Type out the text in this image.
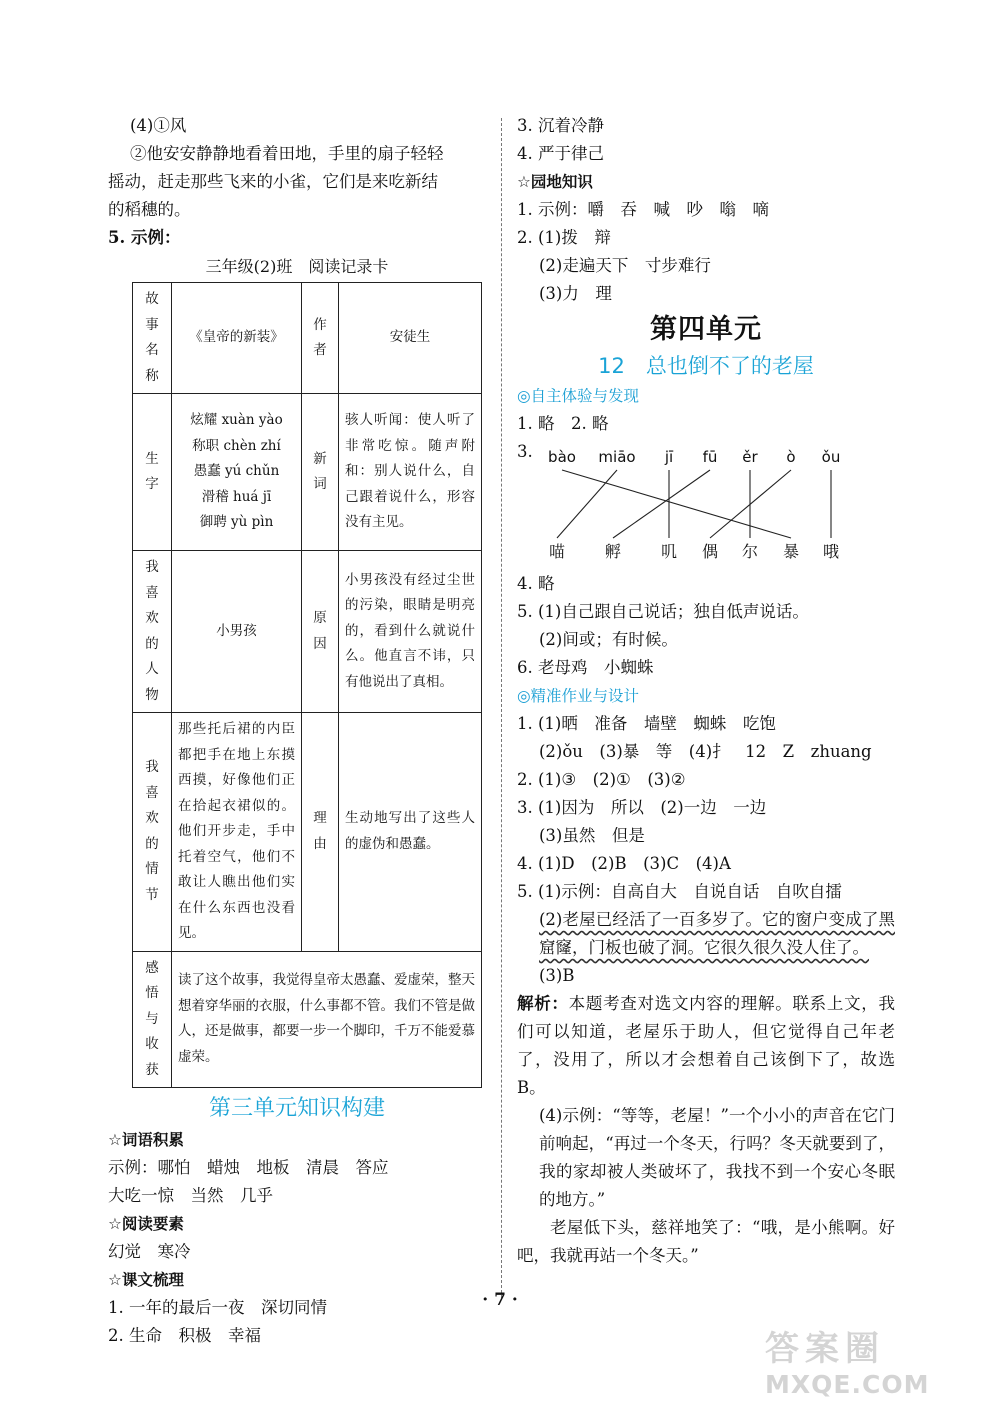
(4)①风
②他安安静静地看着田地，手里的扇子轻轻
摇动，赶走那些飞来的小雀，它们是来吃新结
的稻穗的。
5. 示例：
三年级(2)班　阅读记录卡
故事名称	《皇帝的新装》	作者	安徒生
生字	炫耀 xuàn yào
称职 chèn zhí
愚蠢 yú chǔn
滑稽 huá jī
御聘 yù pìn	新词	骇人听闻：使人听了非常吃惊。随声附和：别人说什么，自己跟着说什么，形容没有主见。
我喜欢的人物	小男孩	原因	小男孩没有经过尘世的污染，眼睛是明亮的，看到什么就说什么。他直言不讳，只有他说出了真相。
我喜欢的情节	那些托后裙的内臣都把手在地上东摸西摸，好像他们正在拾起衣裙似的。他们开步走，手中托着空气，他们不敢让人瞧出他们实在什么东西也没看见。	理由	生动地写出了这些人的虚伪和愚蠢。
感悟与收获	读了这个故事，我觉得皇帝太愚蠢、爱虚荣，整天想着穿华丽的衣服，什么事都不管。我们不管是做人，还是做事，都要一步一个脚印，千万不能爱慕虚荣。		
第三单元知识构建
☆词语积累
示例：哪怕　蜡烛　地板　清晨　答应
大吃一惊　当然　几乎
☆阅读要素
幻觉　寒冷
☆课文梳理
1. 一年的最后一夜　深切同情
2. 生命　积极　幸福
3. 沉着冷静
4. 严于律己
☆园地知识
1. 示例：嚼　吞　喊　吵　嗡　嘀
2. (1)拨　辩
(2)走遍天下　寸步难行
(3)力　理
第四单元
12　总也倒不了的老屋
◎自主体验与发现
1. 略　2. 略
3. bào miāo jī fū ěr ò ǒu
喵 孵 叽 偶 尔 暴 哦
4. 略
5. (1)自己跟自己说话；独自低声说话。
(2)间或；有时候。
6. 老母鸡　小蜘蛛
◎精准作业与设计
1. (1)晒　准备　墙壁　蜘蛛　吃饱
(2)ǒu　(3)暴　等　(4)扌　12　Z　zhuang
2. (1)③　(2)①　(3)②
3. (1)因为　所以　(2)一边　一边
(3)虽然　但是
4. (1)D　(2)B　(3)C　(4)A
5. (1)示例：自高自大　自说自话　自吹自擂
(2)老屋已经活了一百多岁了。它的窗户变成了黑窟窿，门板也破了洞。它很久很久没人住了。
(3)B
解析：本题考查对选文内容的理解。联系上文，我们可以知道，老屋乐于助人，但它觉得自己年老了，没用了，所以才会想着自己该倒下了，故选 B。
(4)示例：“等等，老屋！”一个小小的声音在它门前响起，“再过一个冬天，行吗？冬天就要到了，我的家却被人类破坏了，我找不到一个安心冬眠的地方。”
老屋低下头，慈祥地笑了：“哦，是小熊啊。好吧，我就再站一个冬天。”
· 7 ·
答案圈
MXQE.COM
